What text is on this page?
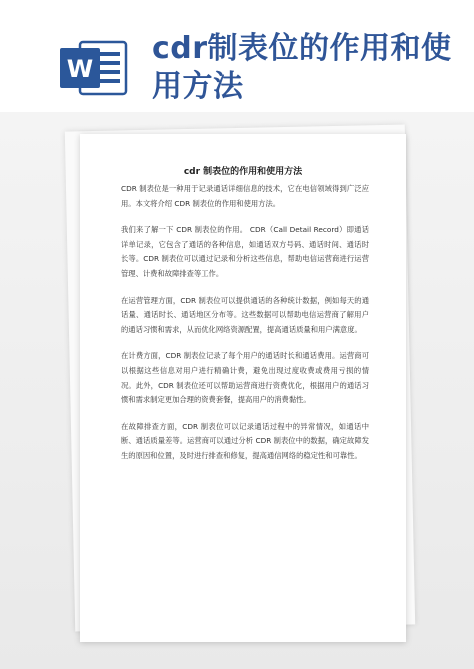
W
cdr制表位的作用和使用方法
cdr 制表位的作用和使用方法

CDR 制表位是一种用于记录通话详细信息的技术，它在电信领域得到广泛应用。本文将介绍 CDR 制表位的作用和使用方法。

我们来了解一下 CDR 制表位的作用。 CDR（Call Detail Record）即通话详单记录，它包含了通话的各种信息，如通话双方号码、通话时间、通话时长等。CDR 制表位可以通过记录和分析这些信息，帮助电信运营商进行运营管理、计费和故障排查等工作。

在运营管理方面，CDR 制表位可以提供通话的各种统计数据，例如每天的通话量、通话时长、通话地区分布等。这些数据可以帮助电信运营商了解用户的通话习惯和需求，从而优化网络资源配置，提高通话质量和用户满意度。

在计费方面，CDR 制表位记录了每个用户的通话时长和通话费用。运营商可以根据这些信息对用户进行精确计费，避免出现过度收费或费用亏损的情况。此外，CDR 制表位还可以帮助运营商进行资费优化，根据用户的通话习惯和需求制定更加合理的资费套餐，提高用户的消费黏性。

在故障排查方面，CDR 制表位可以记录通话过程中的异常情况，如通话中断、通话质量差等。运营商可以通过分析 CDR 制表位中的数据，确定故障发生的原因和位置，及时进行排查和修复，提高通信网络的稳定性和可靠性。
